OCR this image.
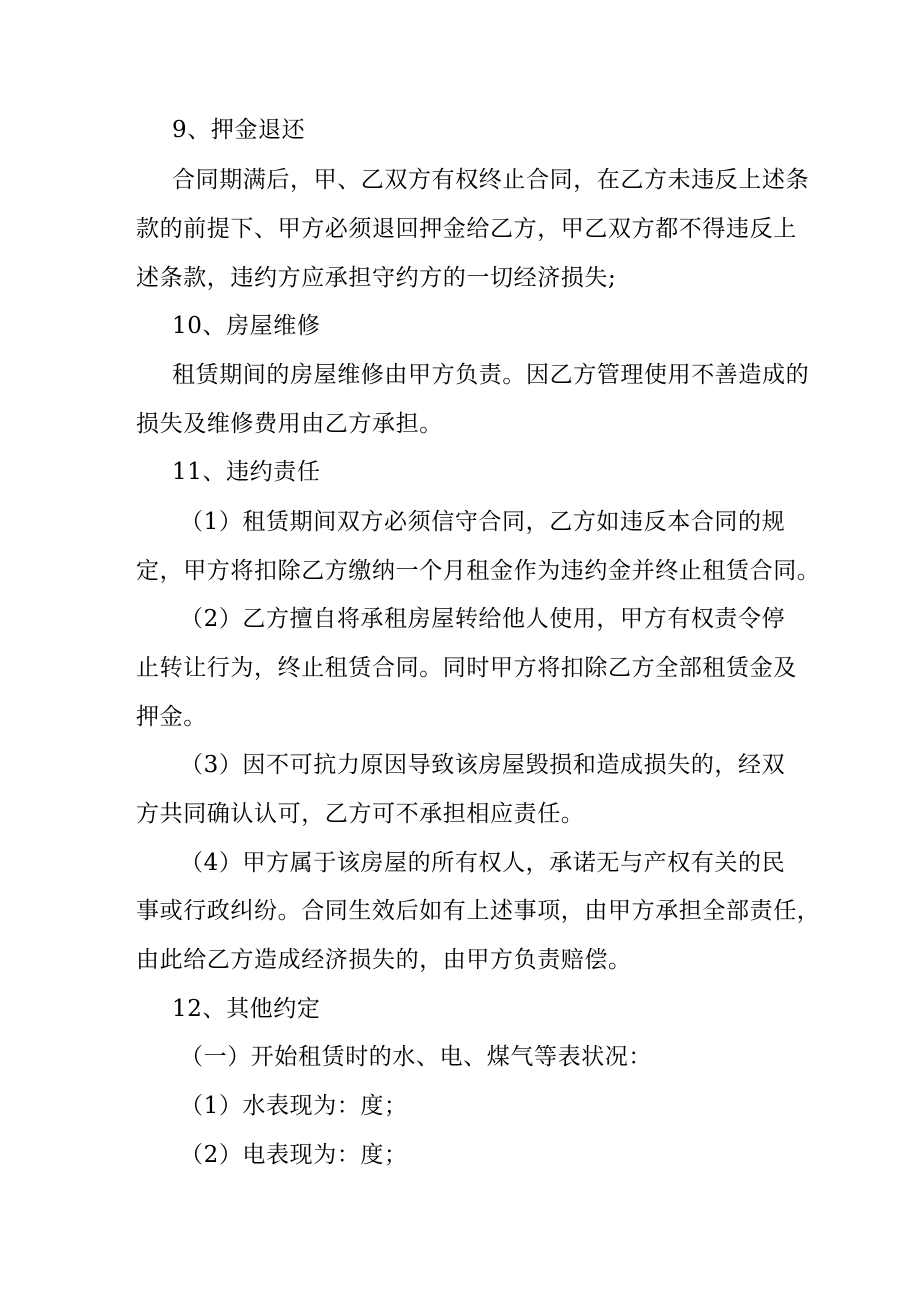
9、押金退还
合同期满后，甲、乙双方有权终止合同，在乙方未违反上述条
款的前提下、甲方必须退回押金给乙方，甲乙双方都不得违反上
述条款，违约方应承担守约方的一切经济损失;
10、房屋维修
租赁期间的房屋维修由甲方负责。因乙方管理使用不善造成的
损失及维修费用由乙方承担。
11、违约责任
（1）租赁期间双方必须信守合同，乙方如违反本合同的规
定，甲方将扣除乙方缴纳一个月租金作为违约金并终止租赁合同。
（2）乙方擅自将承租房屋转给他人使用，甲方有权责令停
止转让行为，终止租赁合同。同时甲方将扣除乙方全部租赁金及
押金。
（3）因不可抗力原因导致该房屋毁损和造成损失的，经双
方共同确认认可，乙方可不承担相应责任。
（4）甲方属于该房屋的所有权人，承诺无与产权有关的民
事或行政纠纷。合同生效后如有上述事项，由甲方承担全部责任，
由此给乙方造成经济损失的，由甲方负责赔偿。
12、其他约定
（一）开始租赁时的水、电、煤气等表状况：
（1）水表现为：度；
（2）电表现为：度；
